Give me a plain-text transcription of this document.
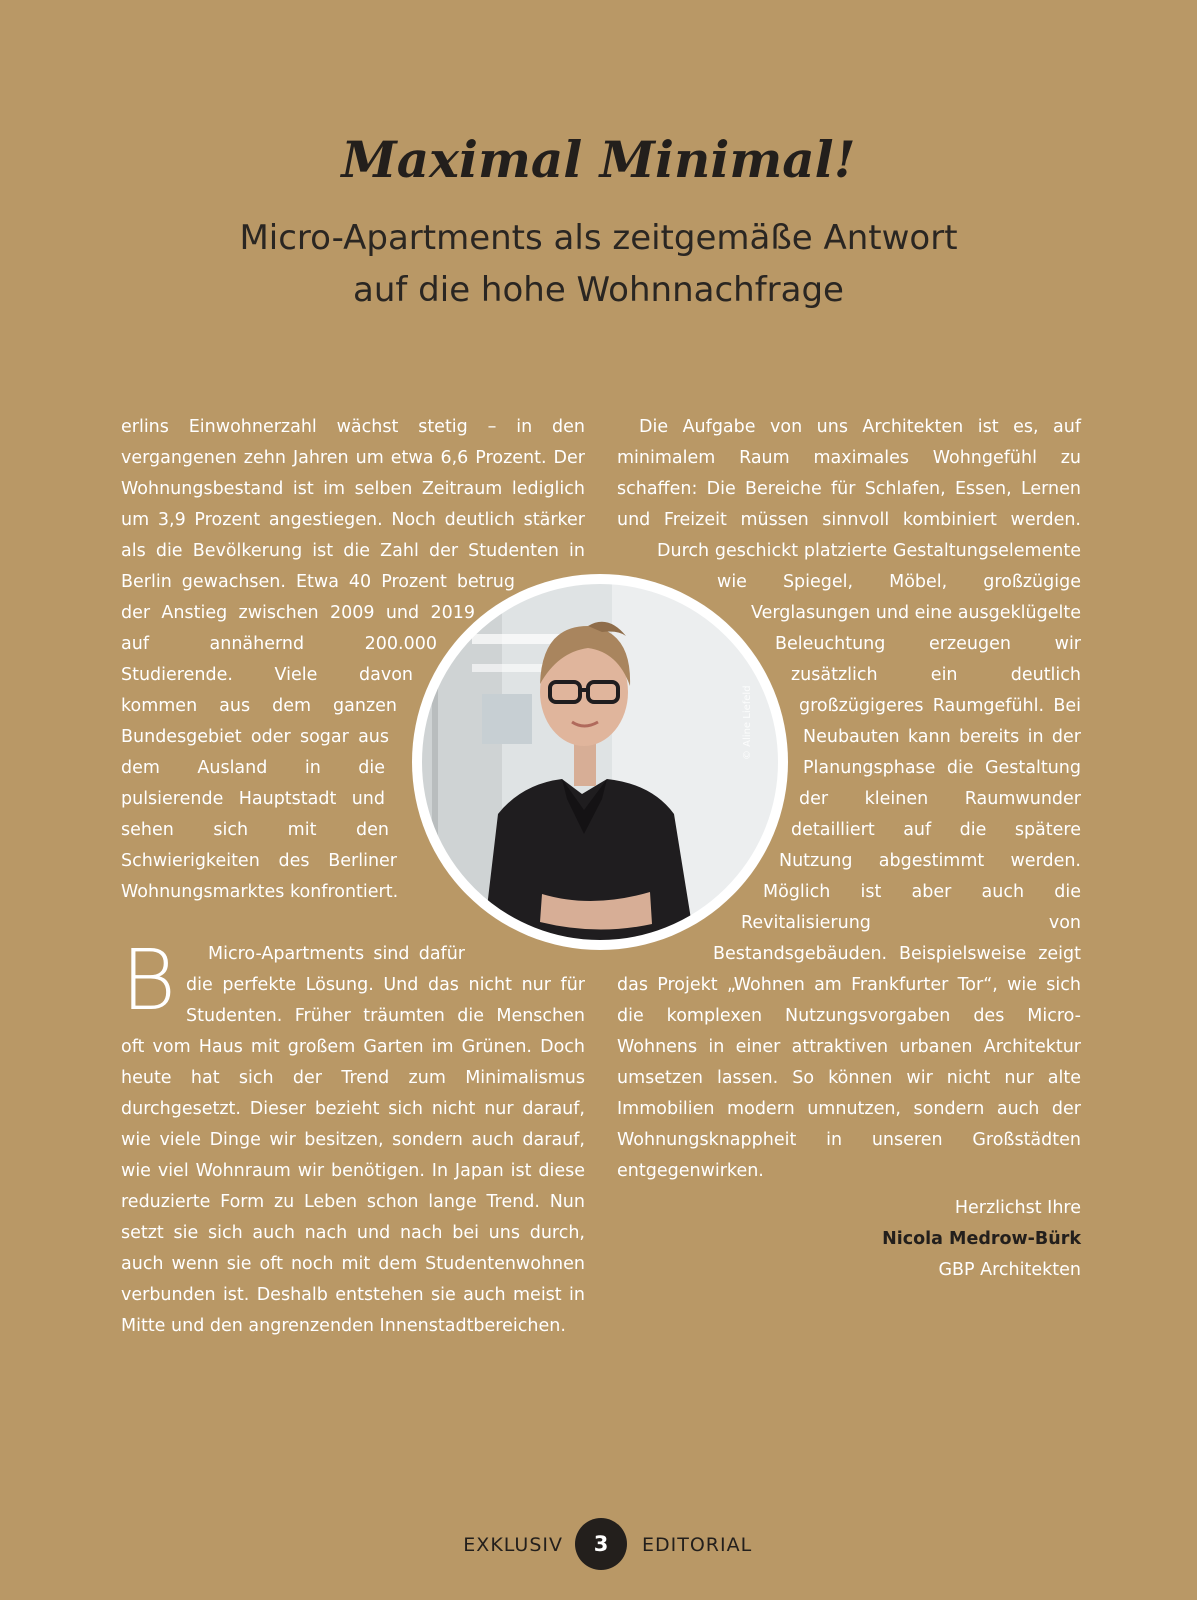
Maximal Minimal!
Micro-Apartments als zeitgemäße Antwort
auf die hohe Wohnnachfrage
B

erlins Einwohnerzahl wächst stetig – in den vergangenen zehn Jahren um etwa 6,6 Prozent. Der Wohnungsbestand ist im selben Zeitraum lediglich um 3,9 Prozent angestiegen. Noch deutlich stärker als die Bevölkerung ist die Zahl der Studenten in Berlin gewachsen. Etwa 40 Prozent betrug der Anstieg zwischen 2009 und 2019 auf annähernd 200.000 Studierende. Viele davon kommen aus dem ganzen Bundesgebiet oder sogar aus dem Ausland in die pulsierende Hauptstadt und sehen sich mit den Schwierigkeiten des Berliner Wohnungsmarktes konfrontiert.

Micro-Apartments sind dafür die perfekte Lösung. Und das nicht nur für Studenten. Früher träumten die Menschen oft vom Haus mit großem Garten im Grünen. Doch heute hat sich der Trend zum Minimalismus durchgesetzt. Dieser bezieht sich nicht nur darauf, wie viele Dinge wir besitzen, sondern auch darauf, wie viel Wohnraum wir benötigen. In Japan ist diese reduzierte Form zu Leben schon lange Trend. Nun setzt sie sich auch nach und nach bei uns durch, auch wenn sie oft noch mit dem Studentenwohnen verbunden ist. Deshalb entstehen sie auch meist in Mitte und den angrenzenden Innenstadtbereichen.

Die Aufgabe von uns Architekten ist es, auf minimalem Raum maximales Wohngefühl zu schaffen: Die Bereiche für Schlafen, Essen, Lernen und Freizeit müssen sinnvoll kombiniert werden. Durch geschickt platzierte Gestaltungselemente wie Spiegel, Möbel, großzügige Verglasungen und eine ausgeklügelte Beleuchtung erzeugen wir zusätzlich ein deutlich großzügigeres Raumgefühl. Bei Neubauten kann bereits in der Planungsphase die Gestaltung der kleinen Raumwunder detailliert auf die spätere Nutzung abgestimmt werden. Möglich ist aber auch die Revitalisierung von Bestandsgebäuden. Beispielsweise zeigt das Projekt „Wohnen am Frankfurter Tor“, wie sich die komplexen Nutzungsvorgaben des Micro-Wohnens in einer attraktiven urbanen Architektur umsetzen lassen. So können wir nicht nur alte Immobilien modern umnutzen, sondern auch der Wohnungsknappheit in unseren Großstädten entgegenwirken.

© Aline Liefeld
Herzlichst Ihre
Nicola Medrow-Bürk
GBP Architekten
EXKLUSIV	3	EDITORIAL
